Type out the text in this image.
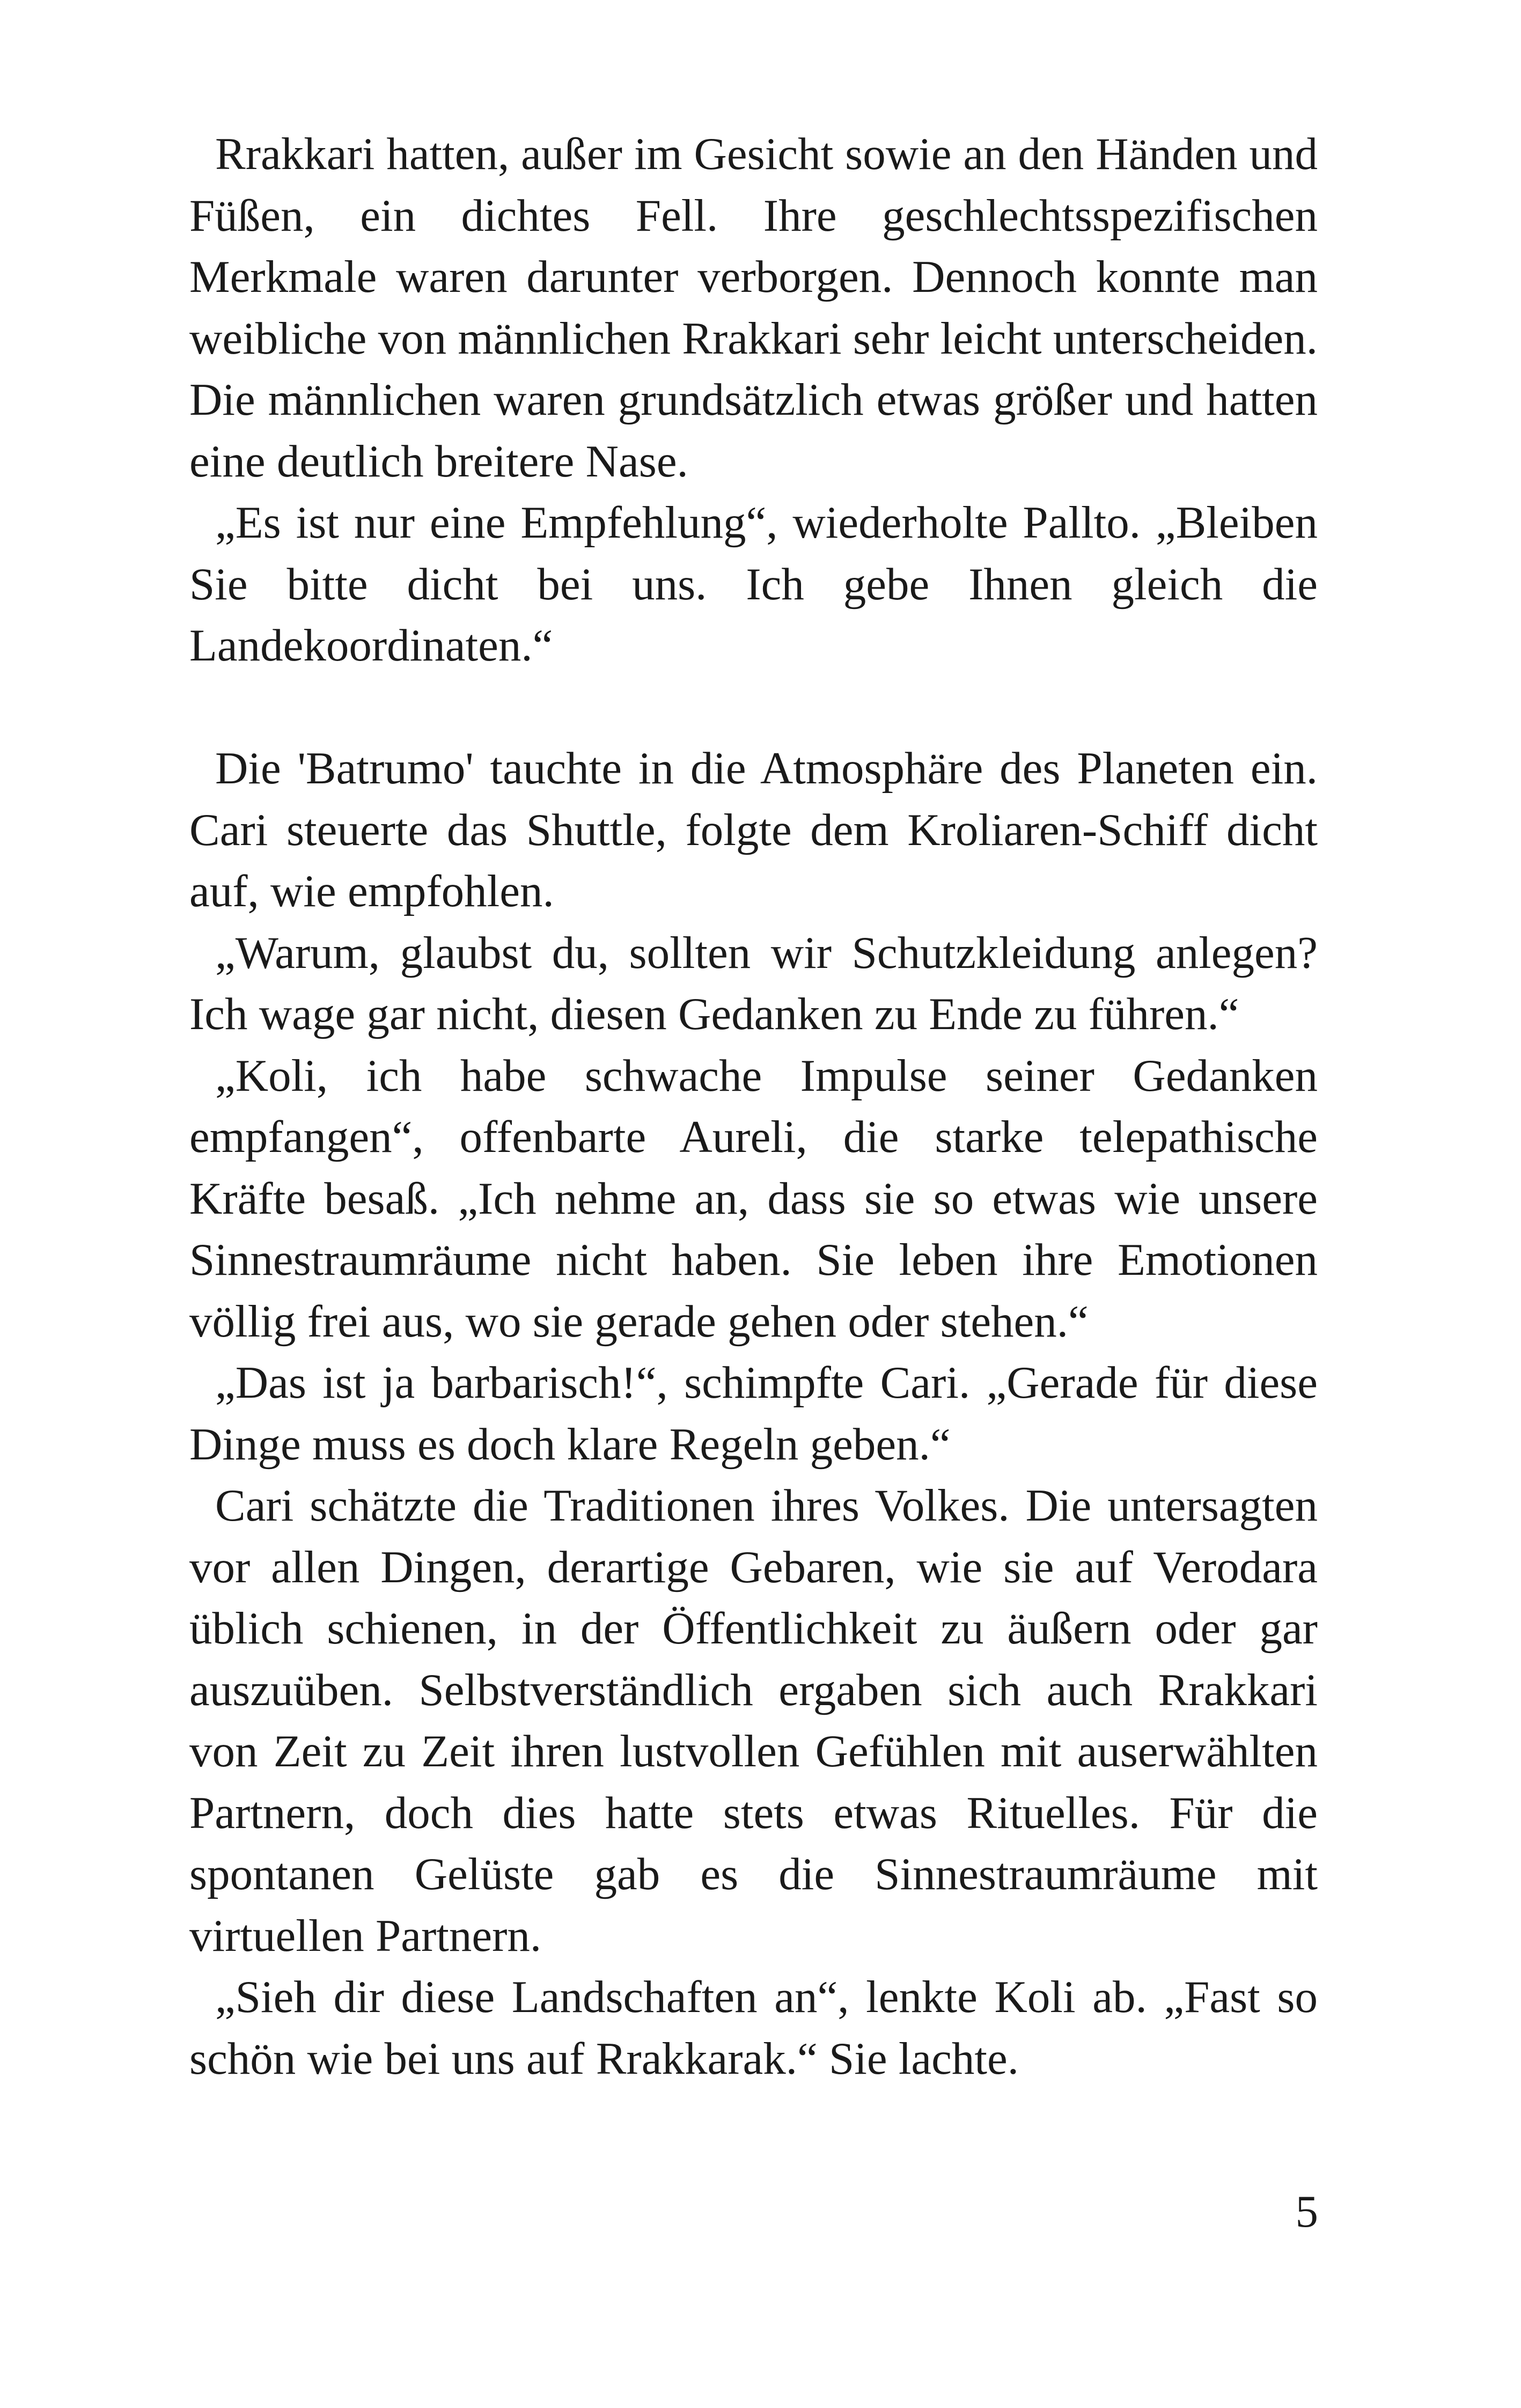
Rrakkari hatten, außer im Gesicht sowie an den Händen und Füßen, ein dichtes Fell. Ihre geschlechtsspezifischen Merkmale waren darunter verborgen. Dennoch konnte man weibliche von männlichen Rrakkari sehr leicht unterscheiden. Die männlichen waren grundsätzlich etwas größer und hatten eine deutlich breitere Nase.

„Es ist nur eine Empfehlung“, wiederholte Pallto. „Bleiben Sie bitte dicht bei uns. Ich gebe Ihnen gleich die Landekoordinaten.“

Die 'Batrumo' tauchte in die Atmosphäre des Planeten ein. Cari steuerte das Shuttle, folgte dem Kroliaren-Schiff dicht auf, wie empfohlen.

„Warum, glaubst du, sollten wir Schutzkleidung anlegen? Ich wage gar nicht, diesen Gedanken zu Ende zu führen.“

„Koli, ich habe schwache Impulse seiner Gedanken empfangen“, offenbarte Aureli, die starke telepathische Kräfte besaß. „Ich nehme an, dass sie so etwas wie unsere Sinnestraumräume nicht haben. Sie leben ihre Emotionen völlig frei aus, wo sie gerade gehen oder stehen.“

„Das ist ja barbarisch!“, schimpfte Cari. „Gerade für diese Dinge muss es doch klare Regeln geben.“

Cari schätzte die Traditionen ihres Volkes. Die untersagten vor allen Dingen, derartige Gebaren, wie sie auf Verodara üblich schienen, in der Öffentlichkeit zu äußern oder gar auszuüben. Selbstverständlich ergaben sich auch Rrakkari von Zeit zu Zeit ihren lustvollen Gefühlen mit auserwählten Partnern, doch dies hatte stets etwas Rituelles. Für die spontanen Gelüste gab es die Sinnestraumräume mit virtuellen Partnern.

„Sieh dir diese Landschaften an“, lenkte Koli ab. „Fast so schön wie bei uns auf Rrakkarak.“ Sie lachte.

5
